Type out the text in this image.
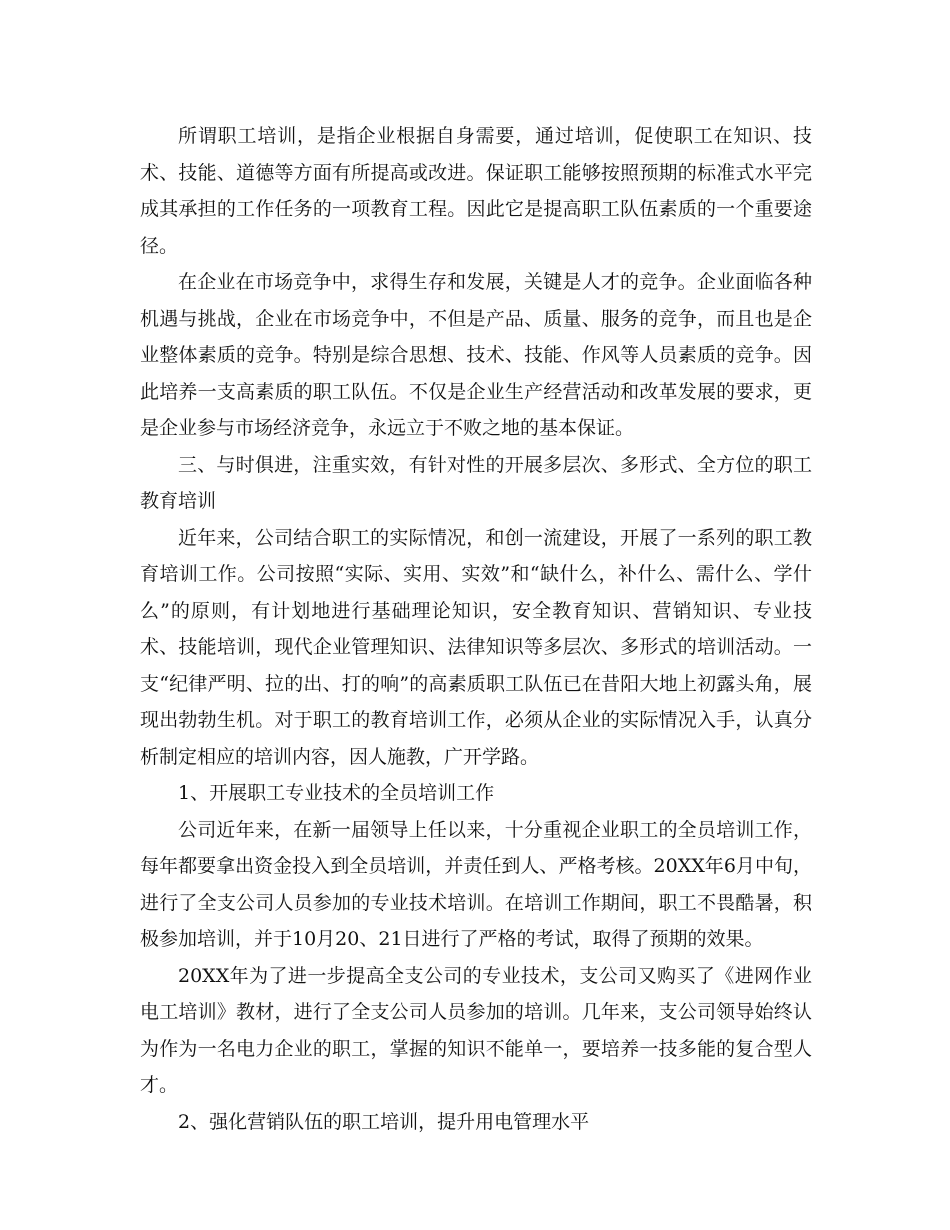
所谓职工培训，是指企业根据自身需要，通过培训，促使职工在知识、技术、技能、道德等方面有所提高或改进。保证职工能够按照预期的标准式水平完成其承担的工作任务的一项教育工程。因此它是提高职工队伍素质的一个重要途径。

在企业在市场竞争中，求得生存和发展，关键是人才的竞争。企业面临各种机遇与挑战，企业在市场竞争中，不但是产品、质量、服务的竞争，而且也是企业整体素质的竞争。特别是综合思想、技术、技能、作风等人员素质的竞争。因此培养一支高素质的职工队伍。不仅是企业生产经营活动和改革发展的要求，更是企业参与市场经济竞争，永远立于不败之地的基本保证。

三、与时俱进，注重实效，有针对性的开展多层次、多形式、全方位的职工教育培训

近年来，公司结合职工的实际情况，和创一流建设，开展了一系列的职工教育培训工作。公司按照“实际、实用、实效”和“缺什么，补什么、需什么、学什么”的原则，有计划地进行基础理论知识，安全教育知识、营销知识、专业技术、技能培训，现代企业管理知识、法律知识等多层次、多形式的培训活动。一支“纪律严明、拉的出、打的响”的高素质职工队伍已在昔阳大地上初露头角，展现出勃勃生机。对于职工的教育培训工作，必须从企业的实际情况入手，认真分析制定相应的培训内容，因人施教，广开学路。

1、开展职工专业技术的全员培训工作

公司近年来，在新一届领导上任以来，十分重视企业职工的全员培训工作，每年都要拿出资金投入到全员培训，并责任到人、严格考核。20XX年6月中旬，进行了全支公司人员参加的专业技术培训。在培训工作期间，职工不畏酷暑，积极参加培训，并于10月20、21日进行了严格的考试，取得了预期的效果。

20XX年为了进一步提高全支公司的专业技术，支公司又购买了《进网作业电工培训》教材，进行了全支公司人员参加的培训。几年来，支公司领导始终认为作为一名电力企业的职工，掌握的知识不能单一，要培养一技多能的复合型人才。

2、强化营销队伍的职工培训，提升用电管理水平
